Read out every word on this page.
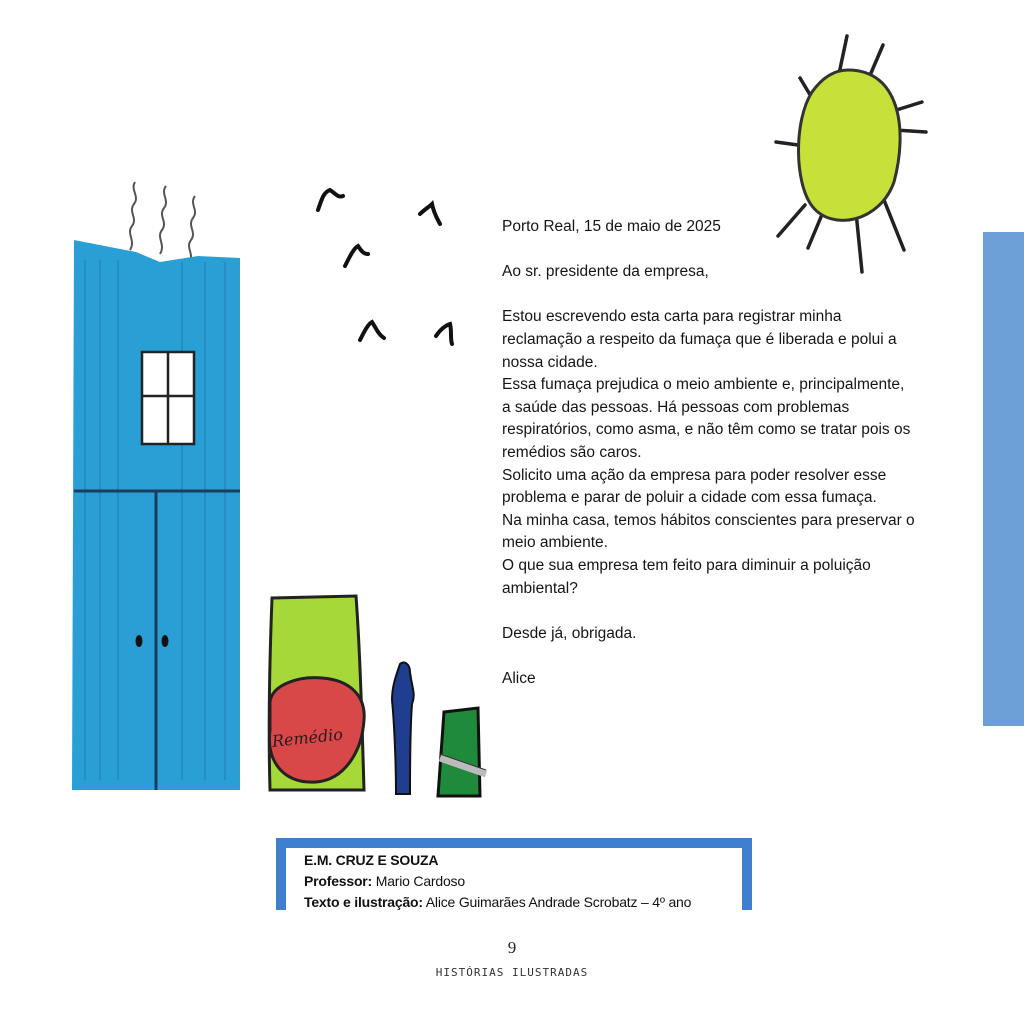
Remédio

Porto Real, 15 de maio de 2025

Ao sr. presidente da empresa,

Estou escrevendo esta carta para registrar minha

reclamação a respeito da fumaça que é liberada e polui a

nossa cidade.

Essa fumaça prejudica o meio ambiente e, principalmente,

a saúde das pessoas. Há pessoas com problemas

respiratórios, como asma, e não têm como se tratar pois os

remédios são caros.

Solicito uma ação da empresa para poder resolver esse

problema e parar de poluir a cidade com essa fumaça.

Na minha casa, temos hábitos conscientes para preservar o

meio ambiente.

O que sua empresa tem feito para diminuir a poluição

ambiental?

Desde já, obrigada.

Alice

E.M. CRUZ E SOUZA
Professor: Mario Cardoso
Texto e ilustração: Alice Guimarães Andrade Scrobatz – 4º ano
9
HISTÓRIAS ILUSTRADAS
